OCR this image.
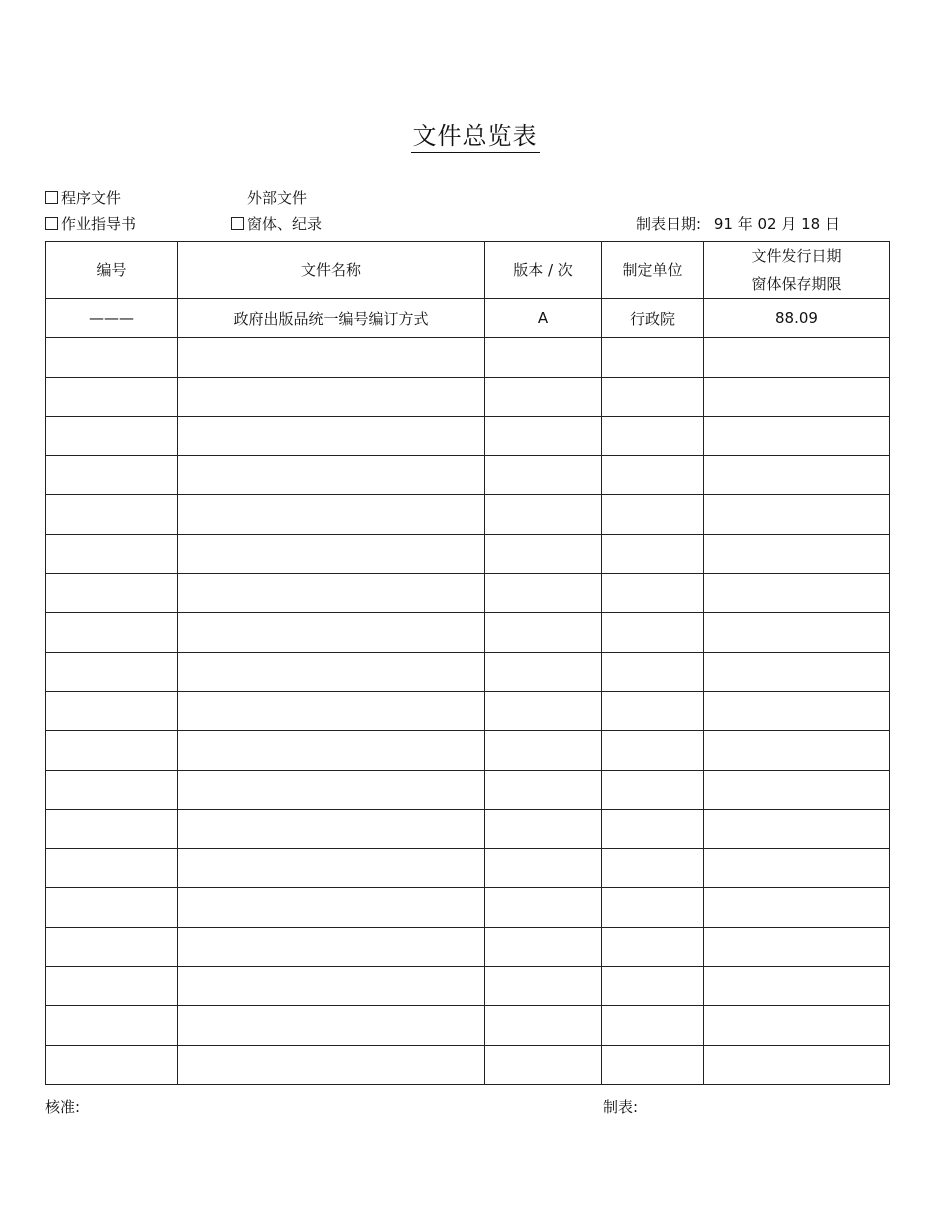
文件总览表
程序文件	外部文件
作业指导书	窗体、纪录	制表日期: 91 年 02 月 18 日
编号	文件名称	版本 / 次	制定单位	文件发行日期
窗体保存期限

———	政府出版品统一编号编订方式	A	行政院	88.09

核准:	制表:
